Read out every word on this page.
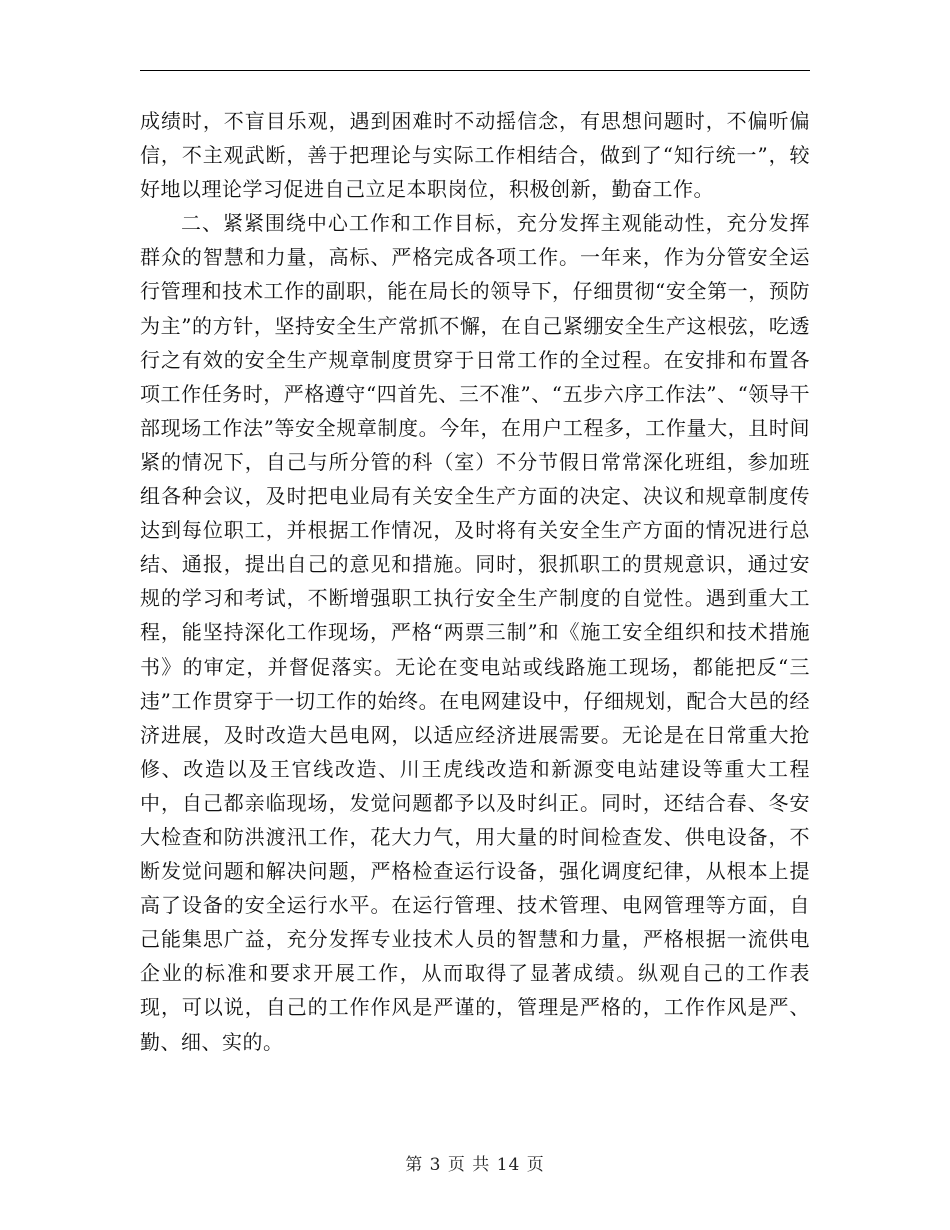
成绩时，不盲目乐观，遇到困难时不动摇信念，有思想问题时，不偏听偏信，不主观武断，善于把理论与实际工作相结合，做到了“知行统一”，较好地以理论学习促进自己立足本职岗位，积极创新，勤奋工作。

二、紧紧围绕中心工作和工作目标，充分发挥主观能动性，充分发挥群众的智慧和力量，高标、严格完成各项工作。一年来，作为分管安全运行管理和技术工作的副职，能在局长的领导下，仔细贯彻“安全第一，预防为主”的方针，坚持安全生产常抓不懈，在自己紧绷安全生产这根弦，吃透行之有效的安全生产规章制度贯穿于日常工作的全过程。在安排和布置各项工作任务时，严格遵守“四首先、三不准”、“五步六序工作法”、“领导干部现场工作法”等安全规章制度。今年，在用户工程多，工作量大，且时间紧的情况下，自己与所分管的科（室）不分节假日常常深化班组，参加班组各种会议，及时把电业局有关安全生产方面的决定、决议和规章制度传达到每位职工，并根据工作情况，及时将有关安全生产方面的情况进行总结、通报，提出自己的意见和措施。同时，狠抓职工的贯规意识，通过安规的学习和考试，不断增强职工执行安全生产制度的自觉性。遇到重大工程，能坚持深化工作现场，严格“两票三制”和《施工安全组织和技术措施书》的审定，并督促落实。无论在变电站或线路施工现场，都能把反“三违”工作贯穿于一切工作的始终。在电网建设中，仔细规划，配合大邑的经济进展，及时改造大邑电网，以适应经济进展需要。无论是在日常重大抢修、改造以及王官线改造、川王虎线改造和新源变电站建设等重大工程中，自己都亲临现场，发觉问题都予以及时纠正。同时，还结合春、冬安大检查和防洪渡汛工作，花大力气，用大量的时间检查发、供电设备，不断发觉问题和解决问题，严格检查运行设备，强化调度纪律，从根本上提高了设备的安全运行水平。在运行管理、技术管理、电网管理等方面，自己能集思广益，充分发挥专业技术人员的智慧和力量，严格根据一流供电企业的标准和要求开展工作，从而取得了显著成绩。纵观自己的工作表现，可以说，自己的工作作风是严谨的，管理是严格的，工作作风是严、勤、细、实的。

第 3 页 共 14 页
